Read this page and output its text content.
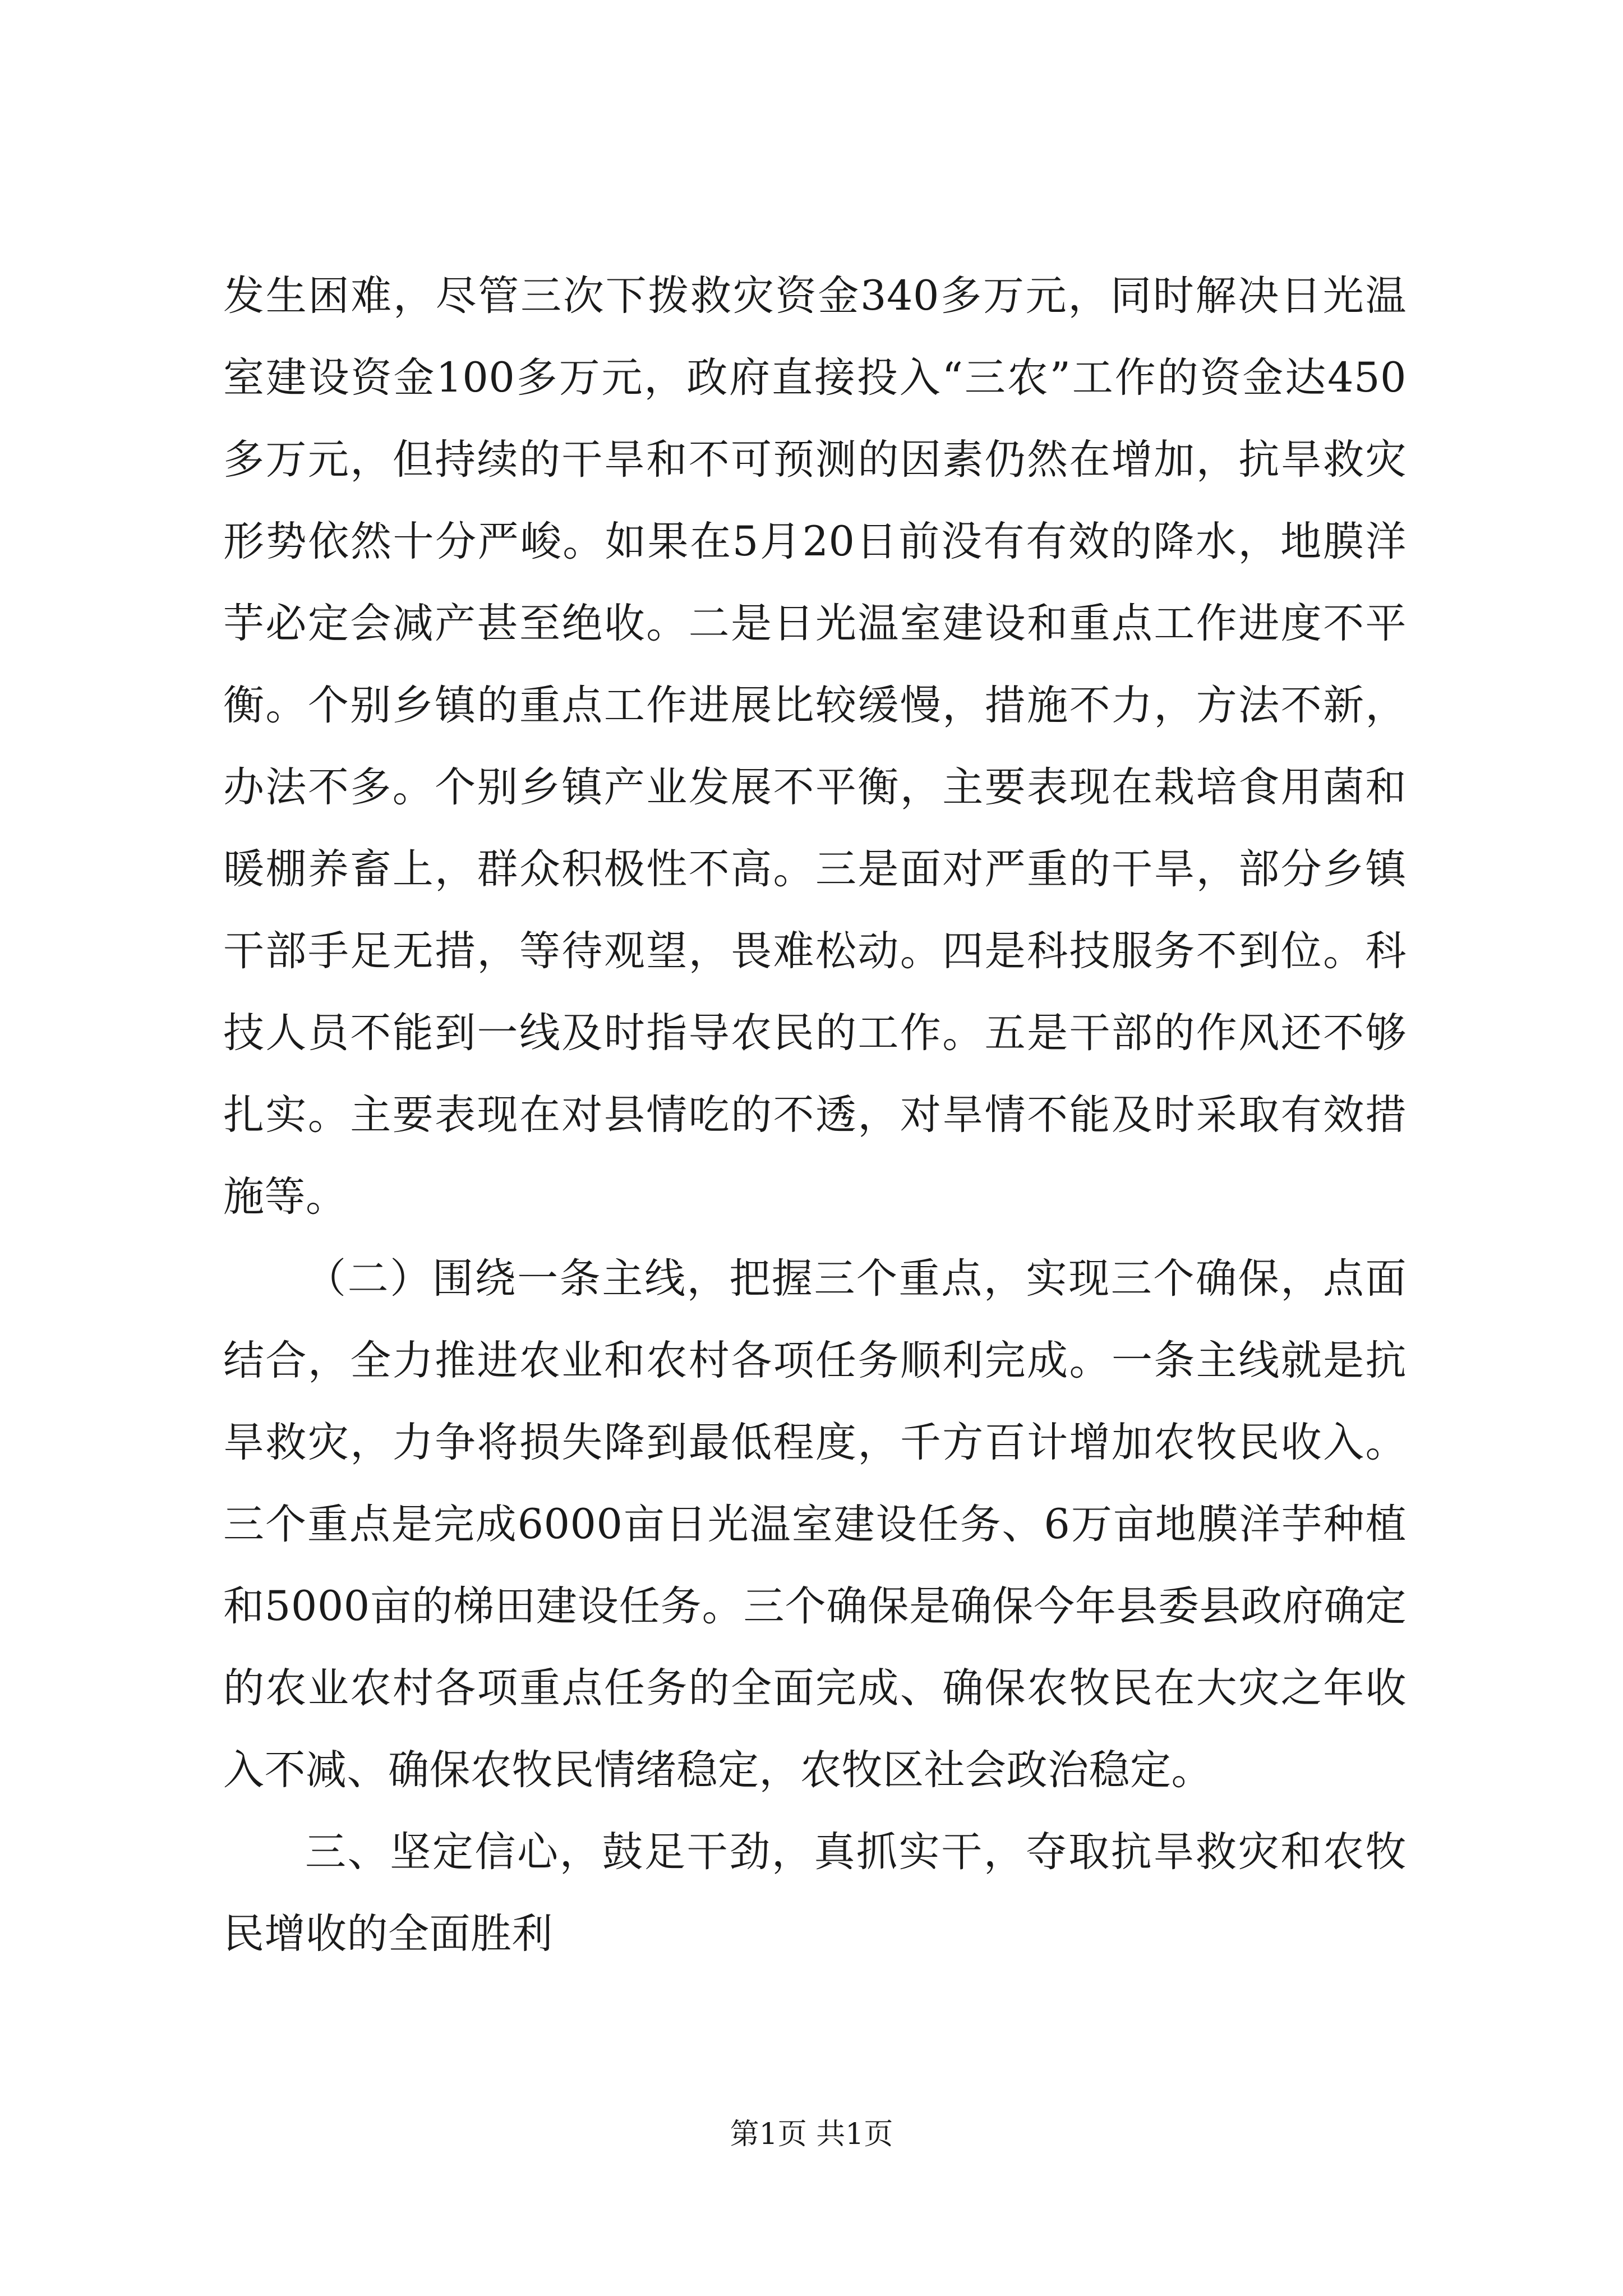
发生困难，尽管三次下拨救灾资金340多万元，同时解决日光温室建设资金100多万元，政府直接投入“三农”工作的资金达450多万元，但持续的干旱和不可预测的因素仍然在增加，抗旱救灾形势依然十分严峻。如果在5月20日前没有有效的降水，地膜洋芋必定会减产甚至绝收。二是日光温室建设和重点工作进度不平衡。个别乡镇的重点工作进展比较缓慢，措施不力，方法不新，办法不多。个别乡镇产业发展不平衡，主要表现在栽培食用菌和暖棚养畜上，群众积极性不高。三是面对严重的干旱，部分乡镇干部手足无措，等待观望，畏难松动。四是科技服务不到位。科技人员不能到一线及时指导农民的工作。五是干部的作风还不够扎实。主要表现在对县情吃的不透，对旱情不能及时采取有效措施等。

（二）围绕一条主线，把握三个重点，实现三个确保，点面结合，全力推进农业和农村各项任务顺利完成。一条主线就是抗旱救灾，力争将损失降到最低程度，千方百计增加农牧民收入。三个重点是完成6000亩日光温室建设任务、6万亩地膜洋芋种植和5000亩的梯田建设任务。三个确保是确保今年县委县政府确定的农业农村各项重点任务的全面完成、确保农牧民在大灾之年收入不减、确保农牧民情绪稳定，农牧区社会政治稳定。

三、坚定信心，鼓足干劲，真抓实干，夺取抗旱救灾和农牧民增收的全面胜利

第1页 共1页
